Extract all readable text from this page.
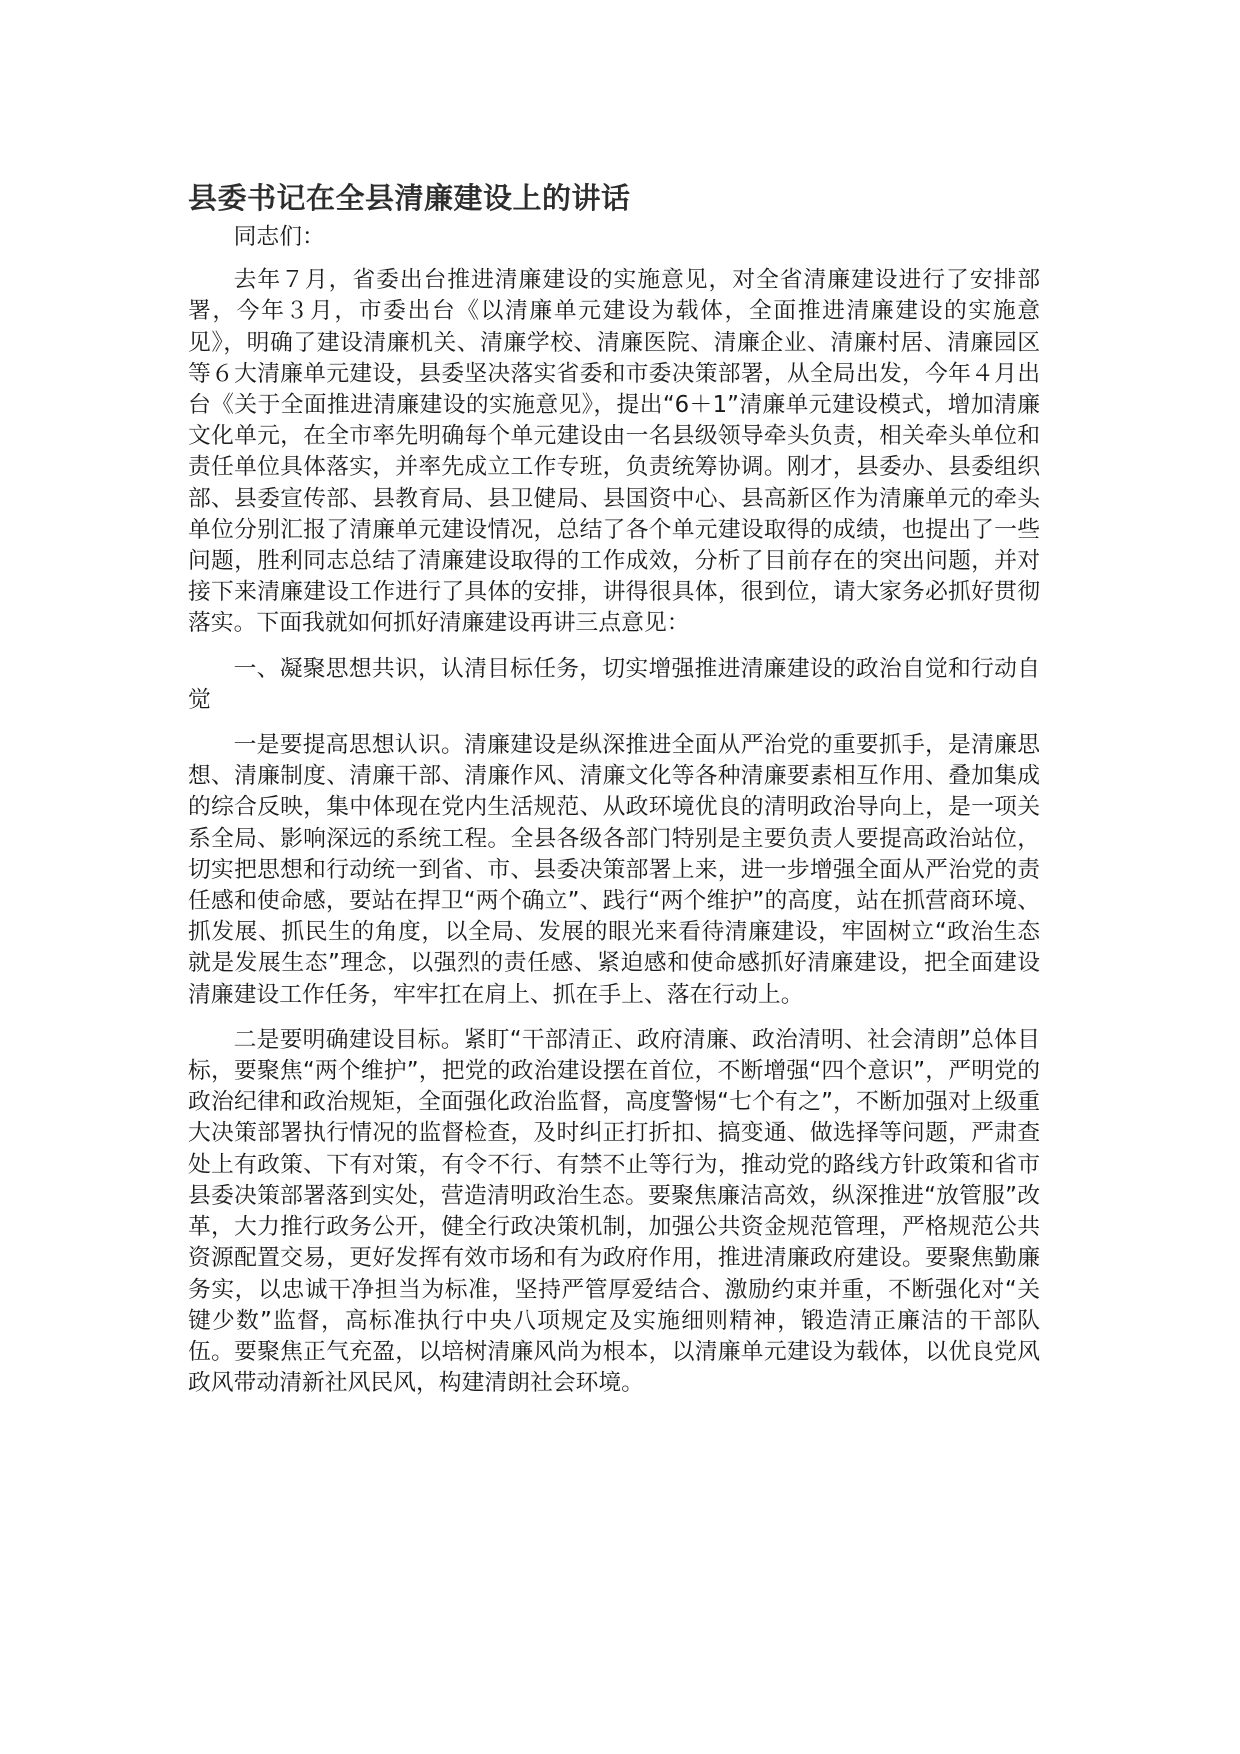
县委书记在全县清廉建设上的讲话

同志们：

去年７月，省委出台推进清廉建设的实施意见，对全省清廉建设进行了安排部署，今年３月，市委出台《以清廉单元建设为载体，全面推进清廉建设的实施意见》，明确了建设清廉机关、清廉学校、清廉医院、清廉企业、清廉村居、清廉园区等６大清廉单元建设，县委坚决落实省委和市委决策部署，从全局出发，今年４月出台《关于全面推进清廉建设的实施意见》，提出“6＋1”清廉单元建设模式，增加清廉文化单元，在全市率先明确每个单元建设由一名县级领导牵头负责，相关牵头单位和责任单位具体落实，并率先成立工作专班，负责统筹协调。刚才，县委办、县委组织部、县委宣传部、县教育局、县卫健局、县国资中心、县高新区作为清廉单元的牵头单位分别汇报了清廉单元建设情况，总结了各个单元建设取得的成绩，也提出了一些问题，胜利同志总结了清廉建设取得的工作成效，分析了目前存在的突出问题，并对接下来清廉建设工作进行了具体的安排，讲得很具体，很到位，请大家务必抓好贯彻落实。下面我就如何抓好清廉建设再讲三点意见：

一、凝聚思想共识，认清目标任务，切实增强推进清廉建设的政治自觉和行动自觉

一是要提高思想认识。清廉建设是纵深推进全面从严治党的重要抓手，是清廉思想、清廉制度、清廉干部、清廉作风、清廉文化等各种清廉要素相互作用、叠加集成的综合反映，集中体现在党内生活规范、从政环境优良的清明政治导向上，是一项关系全局、影响深远的系统工程。全县各级各部门特别是主要负责人要提高政治站位，切实把思想和行动统一到省、市、县委决策部署上来，进一步增强全面从严治党的责任感和使命感，要站在捍卫“两个确立”、践行“两个维护”的高度，站在抓营商环境、抓发展、抓民生的角度，以全局、发展的眼光来看待清廉建设，牢固树立“政治生态就是发展生态”理念，以强烈的责任感、紧迫感和使命感抓好清廉建设，把全面建设清廉建设工作任务，牢牢扛在肩上、抓在手上、落在行动上。

二是要明确建设目标。紧盯“干部清正、政府清廉、政治清明、社会清朗”总体目标，要聚焦“两个维护”，把党的政治建设摆在首位，不断增强“四个意识”，严明党的政治纪律和政治规矩，全面强化政治监督，高度警惕“七个有之”，不断加强对上级重大决策部署执行情况的监督检查，及时纠正打折扣、搞变通、做选择等问题，严肃查处上有政策、下有对策，有令不行、有禁不止等行为，推动党的路线方针政策和省市县委决策部署落到实处，营造清明政治生态。要聚焦廉洁高效，纵深推进“放管服”改革，大力推行政务公开，健全行政决策机制，加强公共资金规范管理，严格规范公共资源配置交易，更好发挥有效市场和有为政府作用，推进清廉政府建设。要聚焦勤廉务实，以忠诚干净担当为标准，坚持严管厚爱结合、激励约束并重，不断强化对“关键少数”监督，高标准执行中央八项规定及实施细则精神，锻造清正廉洁的干部队伍。要聚焦正气充盈，以培树清廉风尚为根本，以清廉单元建设为载体，以优良党风政风带动清新社风民风，构建清朗社会环境。
